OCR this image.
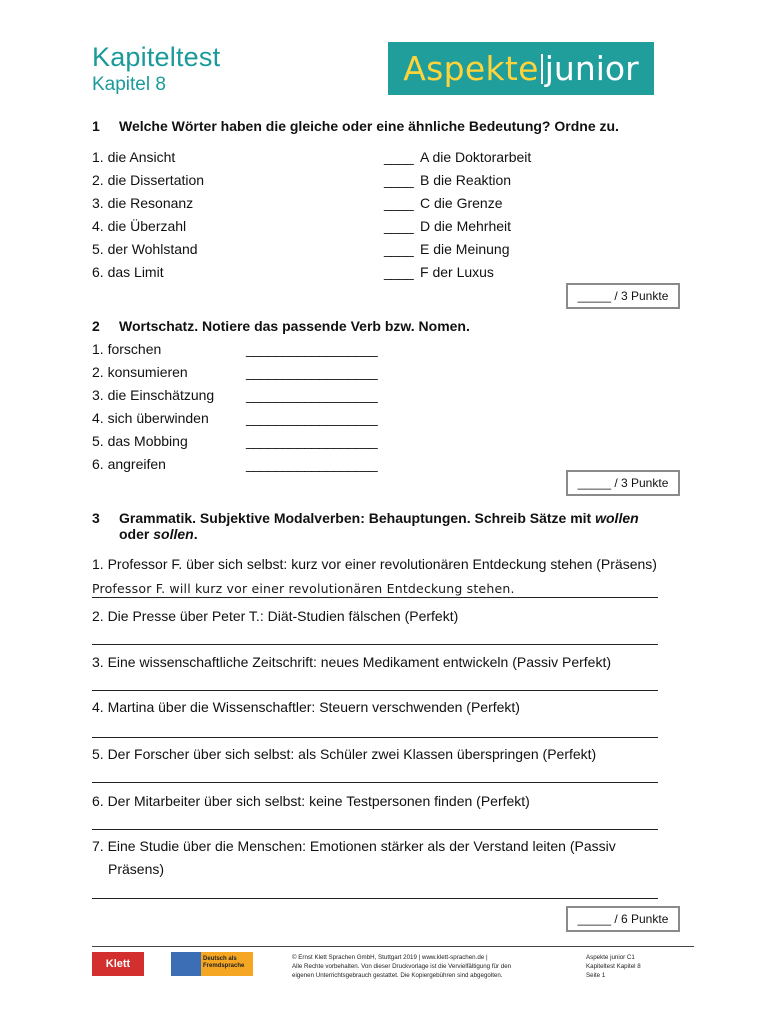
Kapiteltest
Kapitel 8	Aspekte junior
1 Welche Wörter haben die gleiche oder eine ähnliche Bedeutung? Ordne zu.
1. die Ansicht
2. die Dissertation
3. die Resonanz
4. die Überzahl
5. der Wohlstand
6. das Limit
____
____
____
____
____
____
A die Doktorarbeit
B die Reaktion
C die Grenze
D die Mehrheit
E die Meinung
F der Luxus
_____ / 3 Punkte
2 Wortschatz. Notiere das passende Verb bzw. Nomen.
1. forschen
2. konsumieren
3. die Einschätzung
4. sich überwinden
5. das Mobbing
6. angreifen
__________________
__________________
__________________
__________________
__________________
__________________
_____ / 3 Punkte
3 Grammatik. Subjektive Modalverben: Behauptungen. Schreib Sätze mit wollen
oder sollen.
1. Professor F. über sich selbst: kurz vor einer revolutionären Entdeckung stehen (Präsens)
Professor F. will kurz vor einer revolutionären Entdeckung stehen.
2. Die Presse über Peter T.: Diät-Studien fälschen (Perfekt)
3. Eine wissenschaftliche Zeitschrift: neues Medikament entwickeln (Passiv Perfekt)
4. Martina über die Wissenschaftler: Steuern verschwenden (Perfekt)
5. Der Forscher über sich selbst: als Schüler zwei Klassen überspringen (Perfekt)
6. Der Mitarbeiter über sich selbst: keine Testpersonen finden (Perfekt)
7. Eine Studie über die Menschen: Emotionen stärker als der Verstand leiten (Passiv
Präsens)
_____ / 6 Punkte
Klett	Deutsch als Fremdsprache
© Ernst Klett Sprachen GmbH, Stuttgart 2019 | www.klett-sprachen.de |
Alle Rechte vorbehalten. Von dieser Druckvorlage ist die Vervielfältigung für den
eigenen Unterrichtsgebrauch gestattet. Die Kopiergebühren sind abgegolten.
Aspekte junior C1
Kapiteltest Kapitel 8
Seite 1
